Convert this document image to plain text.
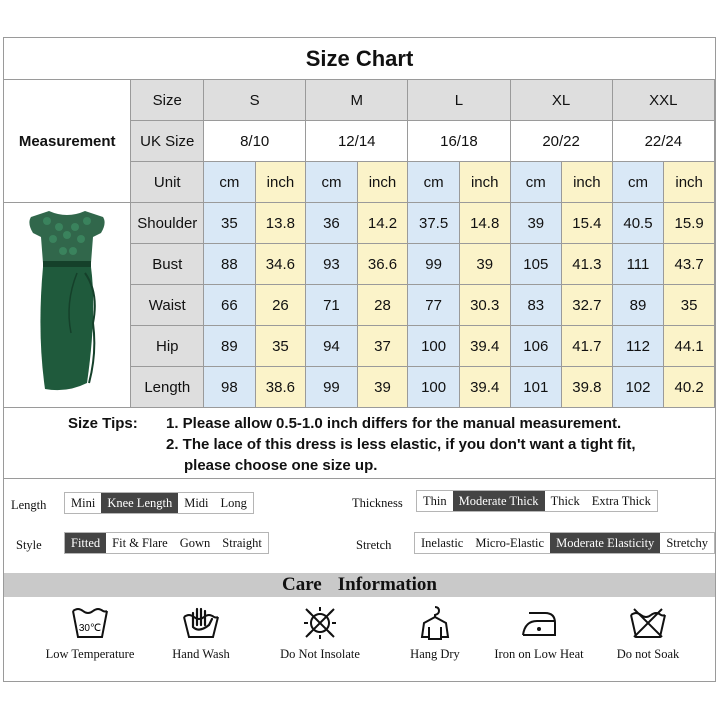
Size Chart
Measurement	Size	S		M		L		XL		XXL	
	UK Size	8/10		12/14		16/18		20/22		22/24	
	Unit	cm	inch	cm	inch	cm	inch	cm	inch	cm	inch
	Shoulder	35	13.8	36	14.2	37.5	14.8	39	15.4	40.5	15.9
	Bust	88	34.6	93	36.6	99	39	105	41.3	111	43.7
	Waist	66	26	71	28	77	30.3	83	32.7	89	35
	Hip	89	35	94	37	100	39.4	106	41.7	112	44.1
	Length	98	38.6	99	39	100	39.4	101	39.8	102	40.2
Size Tips: 1. Please allow 0.5-1.0 inch differs for the manual measurement.
2. The lace of this dress is less elastic, if you don't want a tight fit,
please choose one size up.
Length	Mini Knee Length Midi Long	Thickness	Thin Moderate Thick Thick Extra Thick
Style	Fitted Fit & Flare Gown Straight	Stretch	Inelastic Micro-Elastic Moderate Elasticity Stretchy
Care Information
30℃
Low Temperature	Hand Wash	Do Not Insolate	Hang Dry	Iron on Low Heat	Do not Soak
